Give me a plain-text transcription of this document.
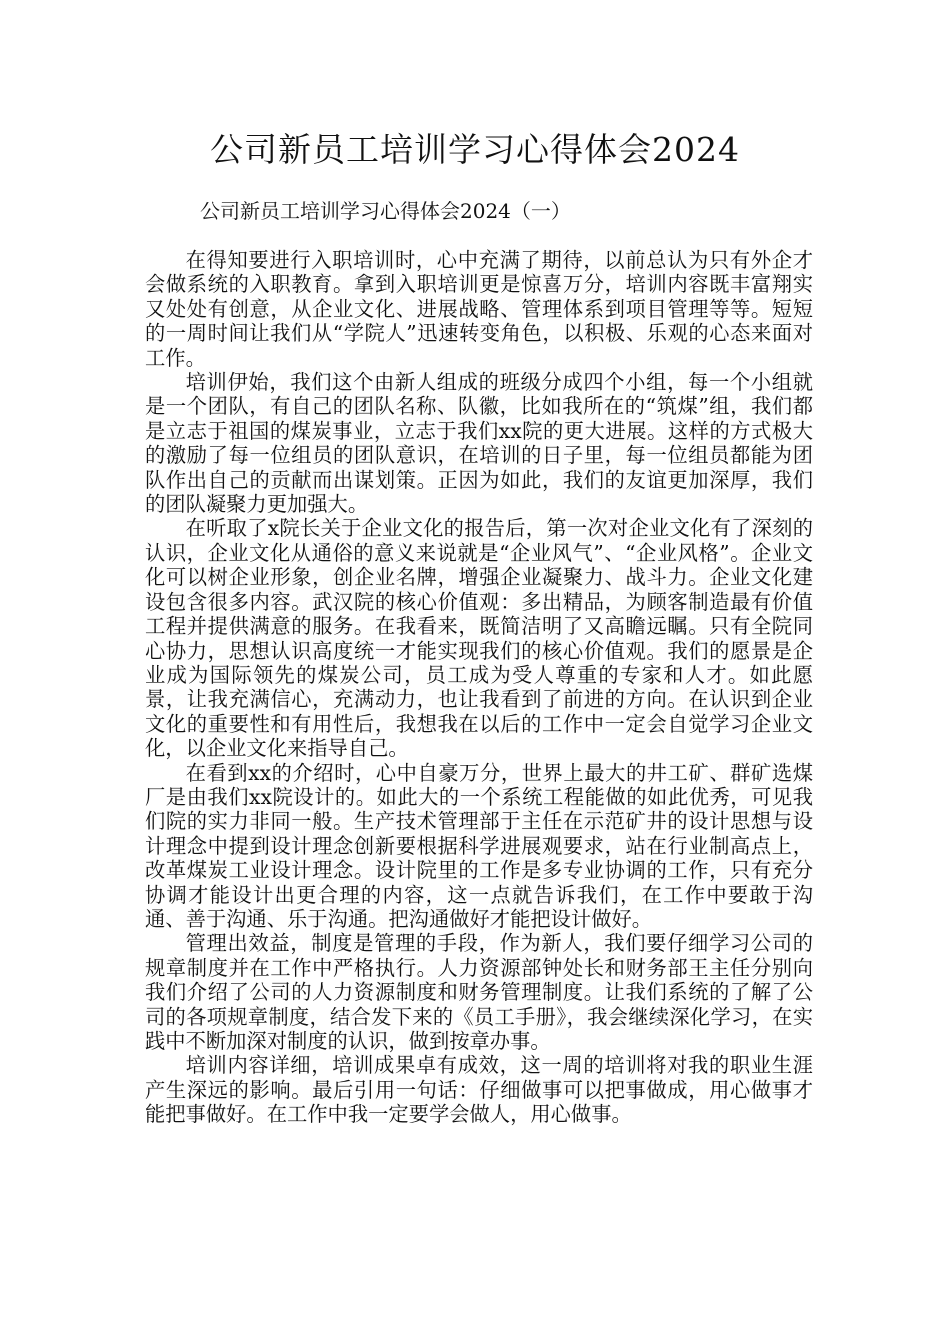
公司新员工培训学习心得体会2024

公司新员工培训学习心得体会2024（一）

在得知要进行入职培训时，心中充满了期待，以前总认为只有外企才会做系统的入职教育。拿到入职培训更是惊喜万分，培训内容既丰富翔实又处处有创意，从企业文化、进展战略、管理体系到项目管理等等。短短的一周时间让我们从“学院人”迅速转变角色，以积极、乐观的心态来面对工作。

培训伊始，我们这个由新人组成的班级分成四个小组，每一个小组就是一个团队，有自己的团队名称、队徽，比如我所在的“筑煤”组，我们都是立志于祖国的煤炭事业，立志于我们xx院的更大进展。这样的方式极大的激励了每一位组员的团队意识，在培训的日子里，每一位组员都能为团队作出自己的贡献而出谋划策。正因为如此，我们的友谊更加深厚，我们的团队凝聚力更加强大。

在听取了x院长关于企业文化的报告后，第一次对企业文化有了深刻的认识，企业文化从通俗的意义来说就是“企业风气”、“企业风格”。企业文化可以树企业形象，创企业名牌，增强企业凝聚力、战斗力。企业文化建设包含很多内容。武汉院的核心价值观：多出精品，为顾客制造最有价值工程并提供满意的服务。在我看来，既简洁明了又高瞻远瞩。只有全院同心协力，思想认识高度统一才能实现我们的核心价值观。我们的愿景是企业成为国际领先的煤炭公司，员工成为受人尊重的专家和人才。如此愿景，让我充满信心，充满动力，也让我看到了前进的方向。在认识到企业文化的重要性和有用性后，我想我在以后的工作中一定会自觉学习企业文化，以企业文化来指导自己。

在看到xx的介绍时，心中自豪万分，世界上最大的井工矿、群矿选煤厂是由我们xx院设计的。如此大的一个系统工程能做的如此优秀，可见我们院的实力非同一般。生产技术管理部于主任在示范矿井的设计思想与设计理念中提到设计理念创新要根据科学进展观要求，站在行业制高点上，改革煤炭工业设计理念。设计院里的工作是多专业协调的工作，只有充分协调才能设计出更合理的内容，这一点就告诉我们，在工作中要敢于沟通、善于沟通、乐于沟通。把沟通做好才能把设计做好。

管理出效益，制度是管理的手段，作为新人，我们要仔细学习公司的规章制度并在工作中严格执行。人力资源部钟处长和财务部王主任分别向我们介绍了公司的人力资源制度和财务管理制度。让我们系统的了解了公司的各项规章制度，结合发下来的《员工手册》，我会继续深化学习，在实践中不断加深对制度的认识，做到按章办事。

培训内容详细，培训成果卓有成效，这一周的培训将对我的职业生涯产生深远的影响。最后引用一句话：仔细做事可以把事做成，用心做事才能把事做好。在工作中我一定要学会做人，用心做事。
